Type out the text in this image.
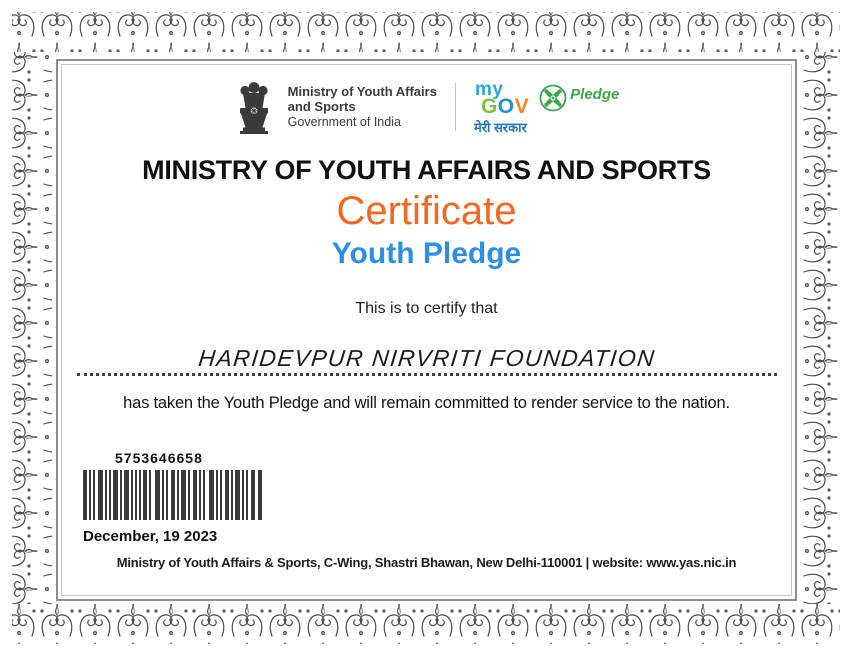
Ministry of Youth Affairs
and Sports
Government of India
my
GOV
मेरी सरकार
Pledge
MINISTRY OF YOUTH AFFAIRS AND SPORTS
Certificate
Youth Pledge
This is to certify that
HARIDEVPUR NIRVRITI FOUNDATION
has taken the Youth Pledge and will remain committed to render service to the nation.
5753646658
December, 19 2023
Ministry of Youth Affairs & Sports, C-Wing, Shastri Bhawan, New Delhi-110001 | website: www.yas.nic.in
